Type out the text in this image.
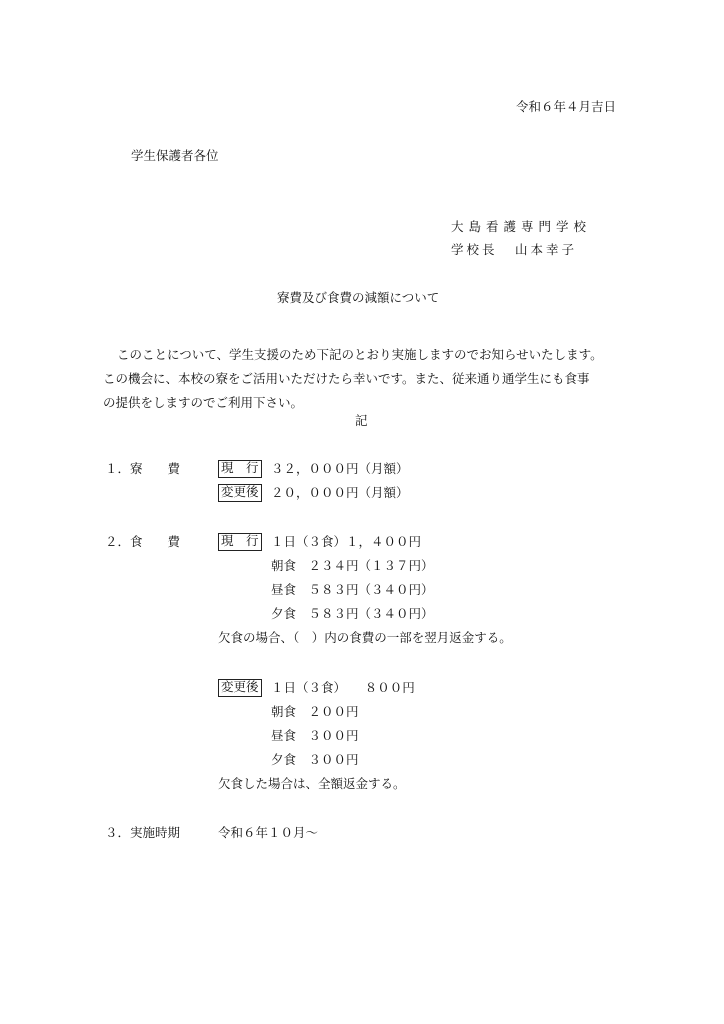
令和６年４月吉日
学生保護者各位
大島看護専門学校
学校長 山本幸子
寮費及び食費の減額について
このことについて、学生支援のため下記のとおり実施しますのでお知らせいたします。
この機会に、本校の寮をご活用いただけたら幸いです。また、従来通り通学生にも食事
の提供をしますのでご利用下さい。
記
１．寮　　費	現　行 ３２，０００円（月額）
変更後 ２０，０００円（月額）
２．食　　費	現　行 １日（３食）１，４００円
朝食　２３４円（１３７円）
昼食　５８３円（３４０円）
夕食　５８３円（３４０円）
欠食の場合、（　）内の食費の一部を翌月返金する。
変更後 １日（３食）　　８００円
朝食　２００円
昼食　３００円
夕食　３００円
欠食した場合は、全額返金する。
３．実施時期	令和６年１０月～
